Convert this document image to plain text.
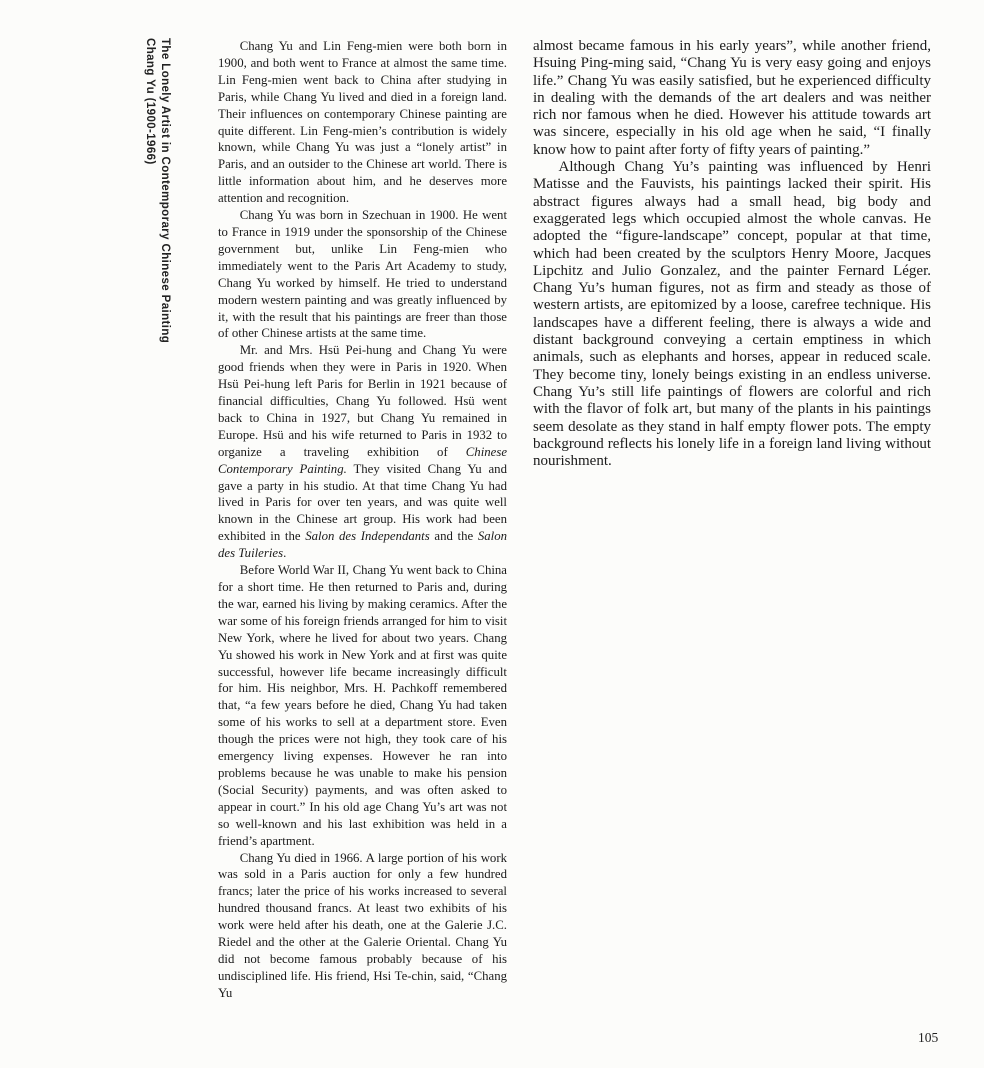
Chang Yu (1900-1966) The Lonely Artist in Contemporary Chinese Painting	Chang Yu and Lin Feng-mien were both born in 1900, and both went to France at almost the same time. Lin Feng-mien went back to China after studying in Paris, while Chang Yu lived and died in a foreign land. Their influences on contemporary Chinese painting are quite different. Lin Feng-mien’s contribution is widely known, while Chang Yu was just a “lonely artist” in Paris, and an outsider to the Chinese art world. There is little information about him, and he deserves more attention and recognition.

Chang Yu was born in Szechuan in 1900. He went to France in 1919 under the sponsorship of the Chinese government but, unlike Lin Feng-mien who immediately went to the Paris Art Academy to study, Chang Yu worked by himself. He tried to understand modern western painting and was greatly influenced by it, with the result that his paintings are freer than those of other Chinese artists at the same time.

Mr. and Mrs. Hsü Pei-hung and Chang Yu were good friends when they were in Paris in 1920. When Hsü Pei-hung left Paris for Berlin in 1921 because of financial difficulties, Chang Yu followed. Hsü went back to China in 1927, but Chang Yu remained in Europe. Hsü and his wife returned to Paris in 1932 to organize a traveling exhibition of Chinese Contemporary Painting. They visited Chang Yu and gave a party in his studio. At that time Chang Yu had lived in Paris for over ten years, and was quite well known in the Chinese art group. His work had been exhibited in the Salon des Independants and the Salon des Tuileries.

Before World War II, Chang Yu went back to China for a short time. He then returned to Paris and, during the war, earned his living by making ceramics. After the war some of his foreign friends arranged for him to visit New York, where he lived for about two years. Chang Yu showed his work in New York and at first was quite successful, however life became increasingly difficult for him. His neighbor, Mrs. H. Pachkoff remembered that, “a few years before he died, Chang Yu had taken some of his works to sell at a department store. Even though the prices were not high, they took care of his emergency living expenses. However he ran into problems because he was unable to make his pension (Social Security) payments, and was often asked to appear in court.” In his old age Chang Yu’s art was not so well-known and his last exhibition was held in a friend’s apartment.

Chang Yu died in 1966. A large portion of his work was sold in a Paris auction for only a few hundred francs; later the price of his works increased to several hundred thousand francs. At least two exhibits of his work were held after his death, one at the Galerie J.C. Riedel and the other at the Galerie Oriental. Chang Yu did not become famous probably because of his undisciplined life. His friend, Hsi Te-chin, said, “Chang Yu

almost became famous in his early years”, while another friend, Hsuing Ping-ming said, “Chang Yu is very easy going and enjoys life.” Chang Yu was easily satisfied, but he experienced difficulty in dealing with the demands of the art dealers and was neither rich nor famous when he died. However his attitude towards art was sincere, especially in his old age when he said, “I finally know how to paint after forty of fifty years of painting.”

Although Chang Yu’s painting was influenced by Henri Matisse and the Fauvists, his paintings lacked their spirit. His abstract figures always had a small head, big body and exaggerated legs which occupied almost the whole canvas. He adopted the “figure-landscape” concept, popular at that time, which had been created by the sculptors Henry Moore, Jacques Lipchitz and Julio Gonzalez, and the painter Fernard Léger. Chang Yu’s human figures, not as firm and steady as those of western artists, are epitomized by a loose, carefree technique. His landscapes have a different feeling, there is always a wide and distant background conveying a certain emptiness in which animals, such as elephants and horses, appear in reduced scale. They become tiny, lonely beings existing in an endless universe. Chang Yu’s still life paintings of flowers are colorful and rich with the flavor of folk art, but many of the plants in his paintings seem desolate as they stand in half empty flower pots. The empty background reflects his lonely life in a foreign land living without nourishment.

105
